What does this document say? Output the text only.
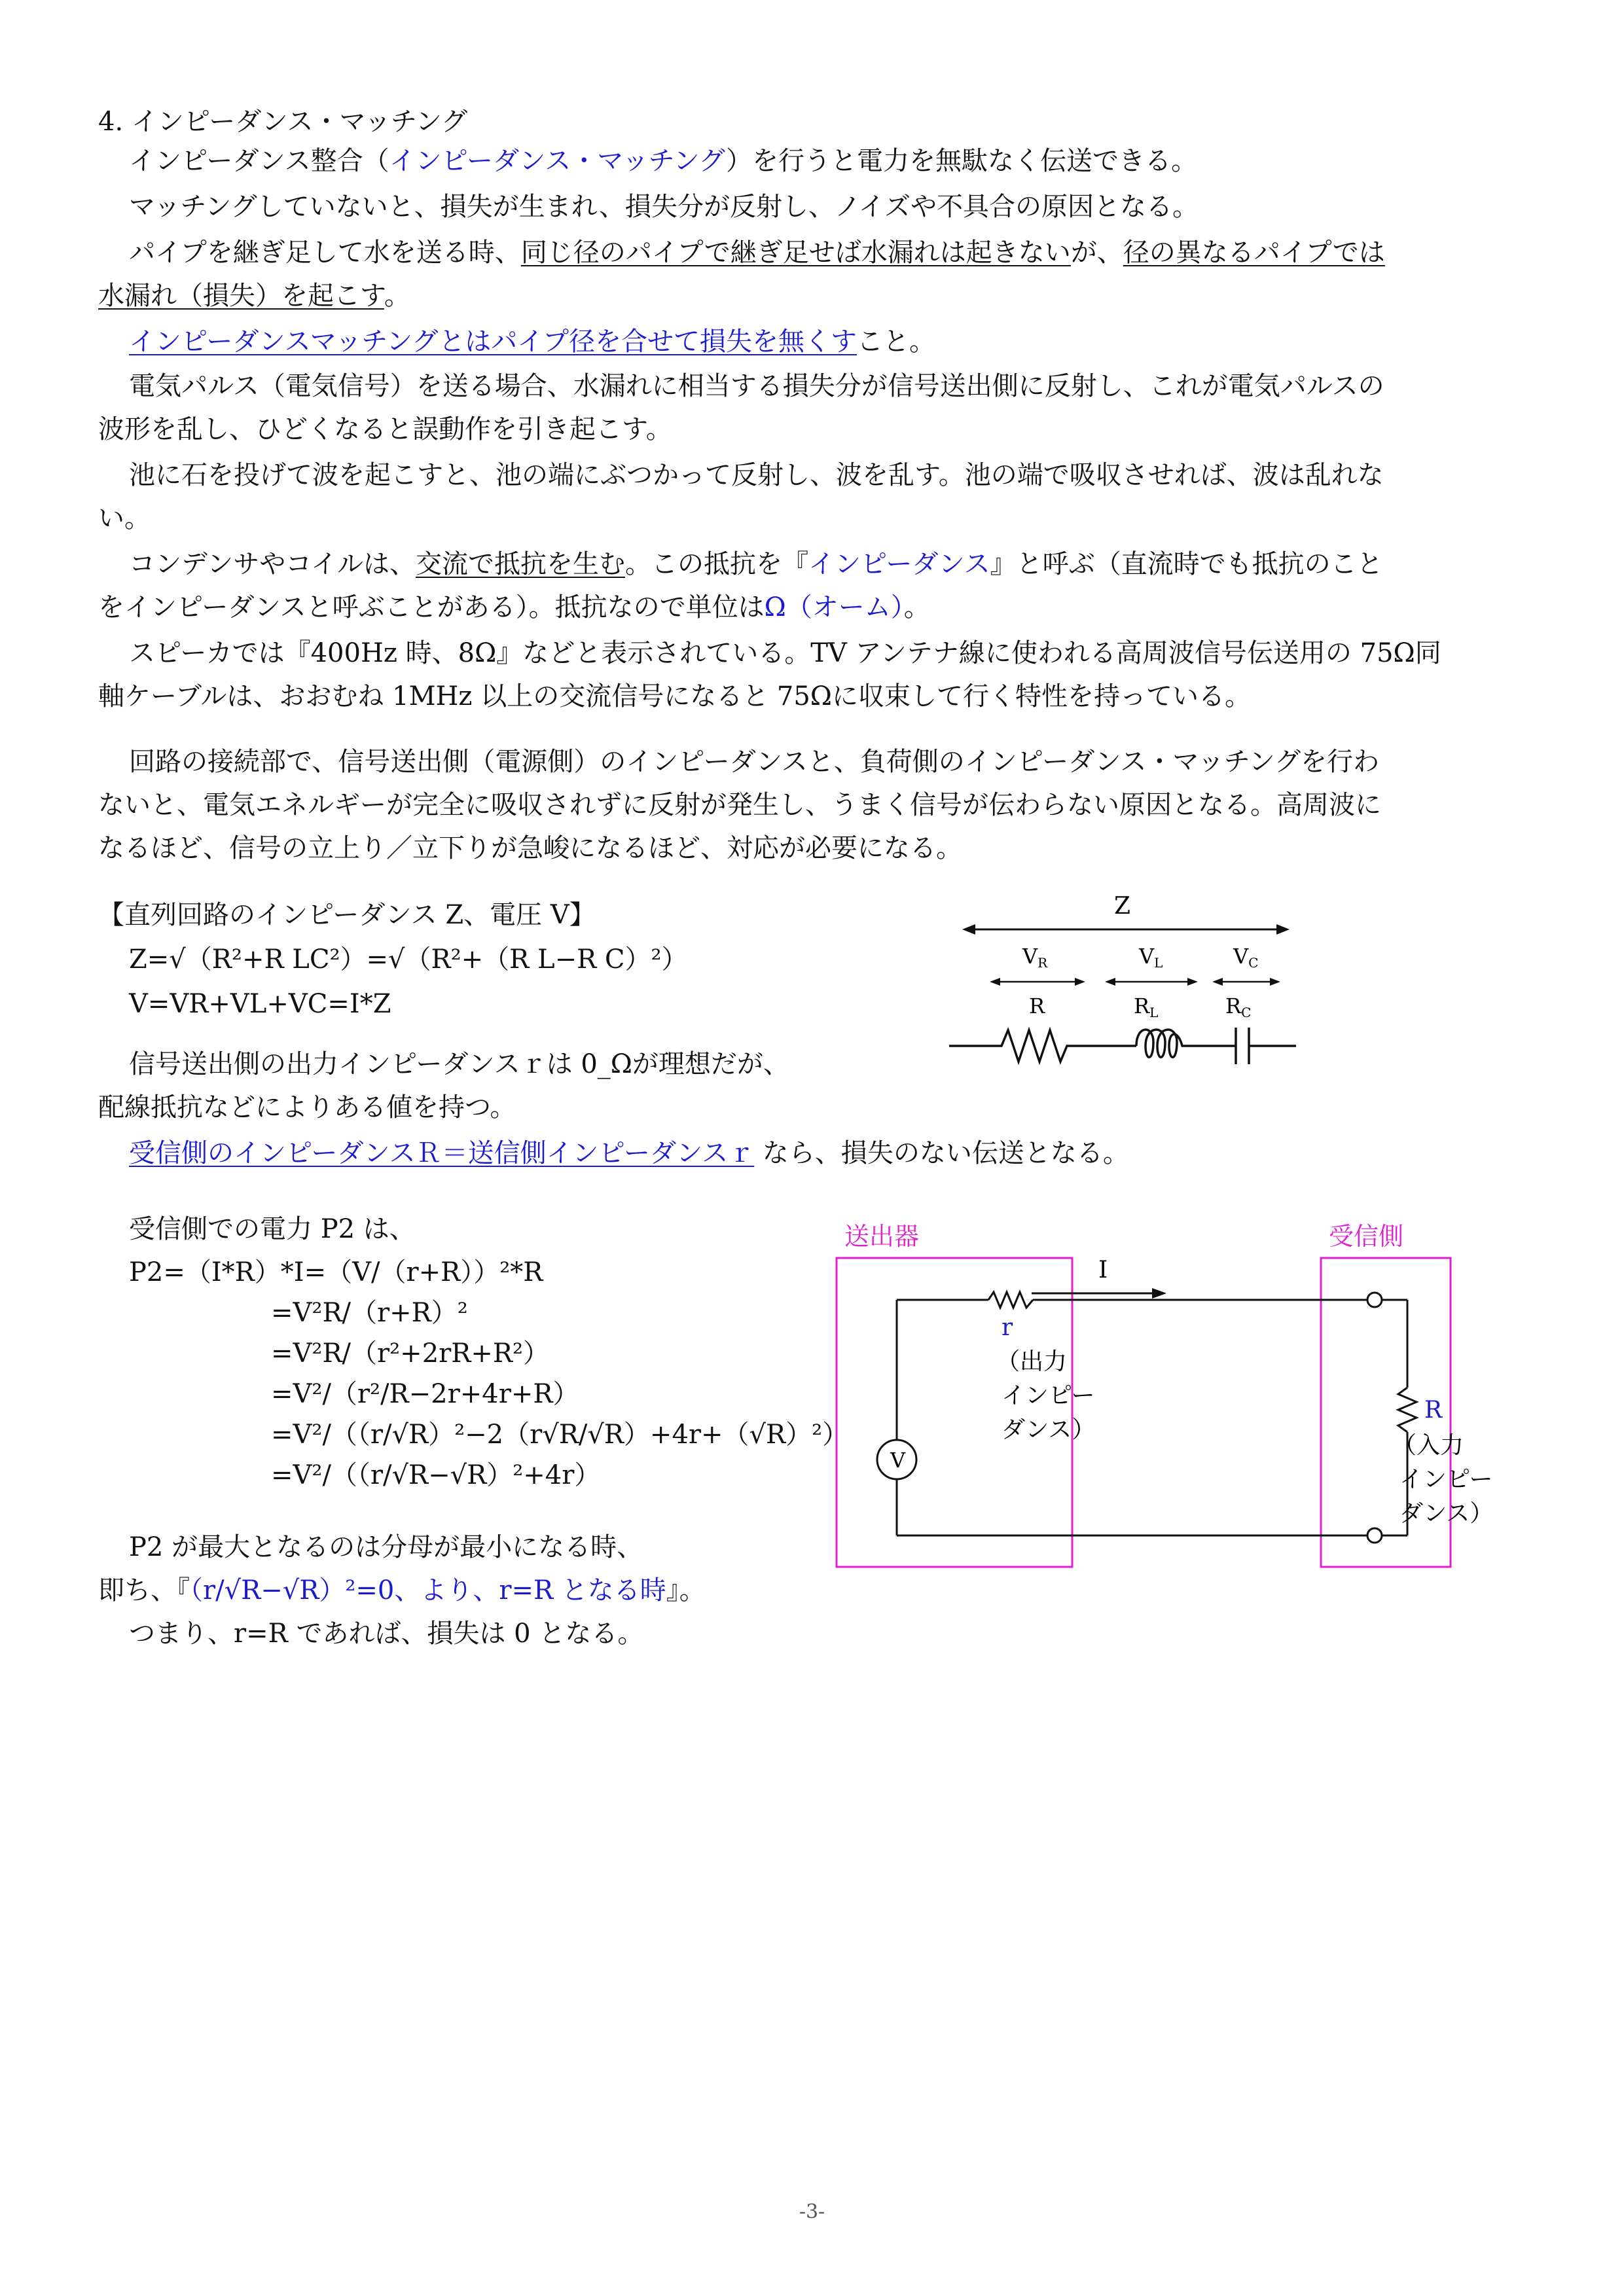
4. インピーダンス・マッチング
インピーダンス整合（インピーダンス・マッチング）を行うと電力を無駄なく伝送できる。
マッチングしていないと、損失が生まれ、損失分が反射し、ノイズや不具合の原因となる。
パイプを継ぎ足して水を送る時、同じ径のパイプで継ぎ足せば水漏れは起きないが、径の異なるパイプでは
水漏れ（損失）を起こす。
インピーダンスマッチングとはパイプ径を合せて損失を無くすこと。
電気パルス（電気信号）を送る場合、水漏れに相当する損失分が信号送出側に反射し、これが電気パルスの
波形を乱し、ひどくなると誤動作を引き起こす。
池に石を投げて波を起こすと、池の端にぶつかって反射し、波を乱す。池の端で吸収させれば、波は乱れな
い。
コンデンサやコイルは、交流で抵抗を生む。この抵抗を『インピーダンス』と呼ぶ（直流時でも抵抗のこと
をインピーダンスと呼ぶことがある）。抵抗なので単位はΩ（オーム）。
スピーカでは『400Hz 時、8Ω』などと表示されている。TV アンテナ線に使われる高周波信号伝送用の 75Ω同
軸ケーブルは、おおむね 1MHz 以上の交流信号になると 75Ωに収束して行く特性を持っている。
回路の接続部で、信号送出側（電源側）のインピーダンスと、負荷側のインピーダンス・マッチングを行わ
ないと、電気エネルギーが完全に吸収されずに反射が発生し、うまく信号が伝わらない原因となる。高周波に
なるほど、信号の立上り／立下りが急峻になるほど、対応が必要になる。
【直列回路のインピーダンス Z、電圧 V】
Z=√（R²+R LC²）=√（R²+（R L−R C）²）
V=VR+VL+VC=I*Z
信号送出側の出力インピーダンスｒは 0_Ωが理想だが、
配線抵抗などによりある値を持つ。
受信側のインピーダンスＲ＝送信側インピーダンスｒ なら、損失のない伝送となる。
Z
VR	VL	VC
R	RL	RC
受信側での電力 P2 は、
P2=（I*R）*I=（V/（r+R））²*R
=V²R/（r+R）²
=V²R/（r²+2rR+R²）
=V²/（r²/R−2r+4r+R）
=V²/（（r/√R）²−2（r√R/√R）+4r+（√R）²）
=V²/（（r/√R−√R）²+4r）
P2 が最大となるのは分母が最小になる時、
即ち、『（r/√R−√R）²=0、より、r=R となる時』。
つまり、r=R であれば、損失は 0 となる。
送出器	受信側
V
I
r
（出力
インピー
ダンス）
R
（入力
インピー
ダンス）
-3-
